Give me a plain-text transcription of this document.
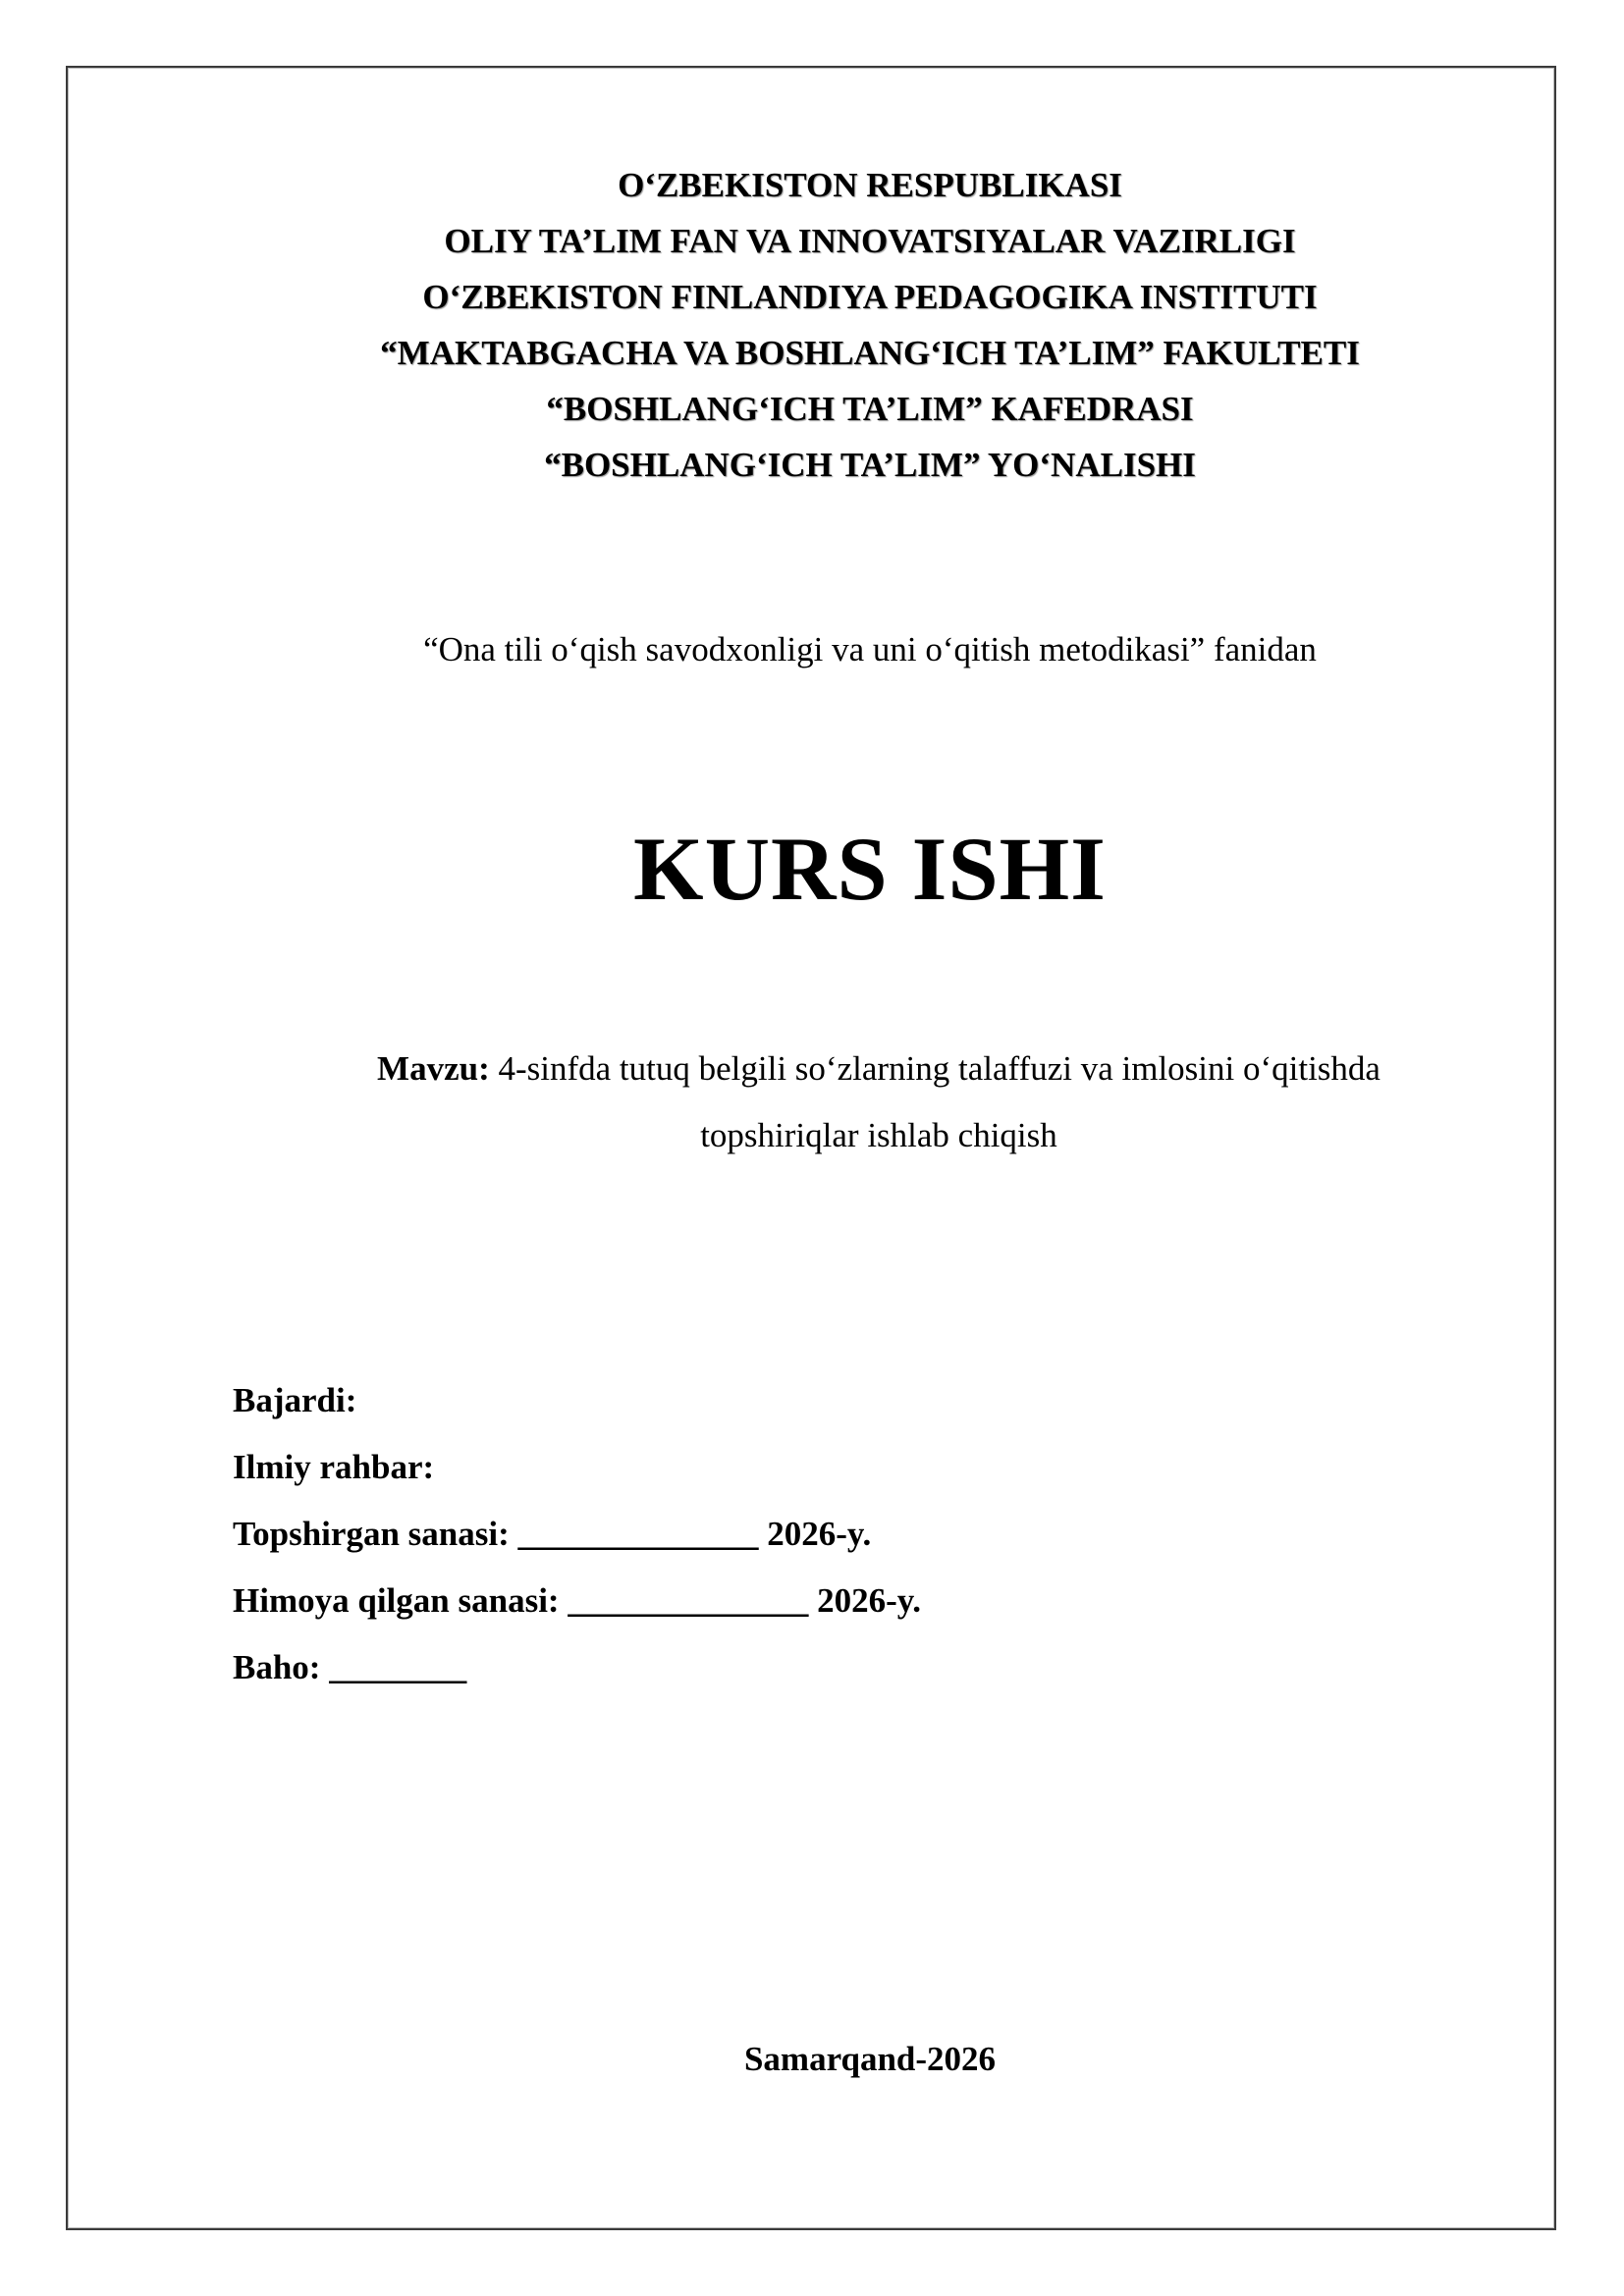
O‘ZBEKISTON RESPUBLIKASI
OLIY TA’LIM FAN VA INNOVATSIYALAR VAZIRLIGI
O‘ZBEKISTON FINLANDIYA PEDAGOGIKA INSTITUTI
“MAKTABGACHA VA BOSHLANG‘ICH TA’LIM” FAKULTETI
“BOSHLANG‘ICH TA’LIM” KAFEDRASI
“BOSHLANG‘ICH TA’LIM” YO‘NALISHI
“Ona tili o‘qish savodxonligi va uni o‘qitish metodikasi” fanidan
KURS ISHI
Mavzu: 4-sinfda tutuq belgili so‘zlarning talaffuzi va imlosini o‘qitishda topshiriqlar ishlab chiqish
Bajardi:
Ilmiy rahbar:
Topshirgan sanasi: ______________ 2026-y.
Himoya qilgan sanasi: ______________ 2026-y.
Baho: ________
Samarqand-2026
